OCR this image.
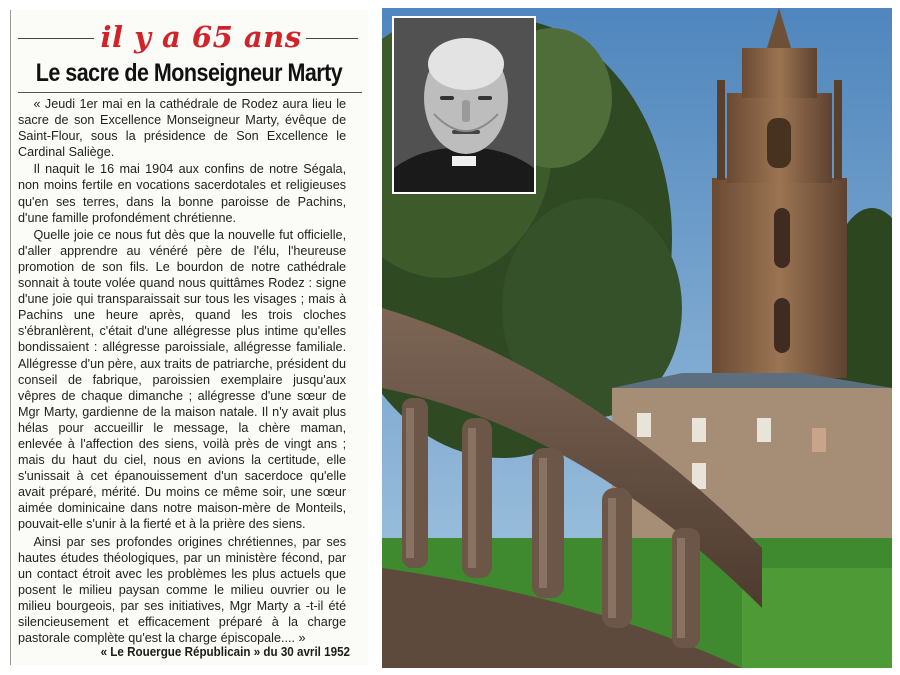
il y a 65 ans
Le sacre de Monseigneur Marty

« Jeudi 1er mai en la cathédrale de Rodez aura lieu le sacre de son Excellence Monseigneur Marty, évêque de Saint-Flour, sous la présidence de Son Excellence le Cardinal Saliège.

Il naquit le 16 mai 1904 aux confins de notre Ségala, non moins fertile en vocations sacerdotales et religieuses qu'en ses terres, dans la bonne paroisse de Pachins, d'une famille profondément chrétienne.

Quelle joie ce nous fut dès que la nouvelle fut officielle, d'aller apprendre au vénéré père de l'élu, l'heureuse promotion de son fils. Le bourdon de notre cathédrale sonnait à toute volée quand nous quittâmes Rodez : signe d'une joie qui transparaissait sur tous les visages ; mais à Pachins une heure après, quand les trois cloches s'ébranlèrent, c'était d'une allégresse plus intime qu'elles bondissaient : allégresse paroissiale, allégresse familiale. Allégresse d'un père, aux traits de patriarche, président du conseil de fabrique, paroissien exemplaire jusqu'aux vêpres de chaque dimanche ; allégresse d'une sœur de Mgr Marty, gardienne de la maison natale. Il n'y avait plus hélas pour accueillir le message, la chère maman, enlevée à l'affection des siens, voilà près de vingt ans ; mais du haut du ciel, nous en avions la certitude, elle s'unissait à cet épanouissement d'un sacerdoce qu'elle avait préparé, mérité. Du moins ce même soir, une sœur aimée dominicaine dans notre maison-mère de Monteils, pouvait-elle s'unir à la fierté et à la prière des siens.

Ainsi par ses profondes origines chrétiennes, par ses hautes études théologiques, par un ministère fécond, par un contact étroit avec les problèmes les plus actuels que posent le milieu paysan comme le milieu ouvrier ou le milieu bourgeois, par ses initiatives, Mgr Marty a -t-il été silencieusement et efficacement préparé à la charge pastorale complète qu'est la charge épiscopale.... »

« Le Rouergue Républicain » du 30 avril 1952
